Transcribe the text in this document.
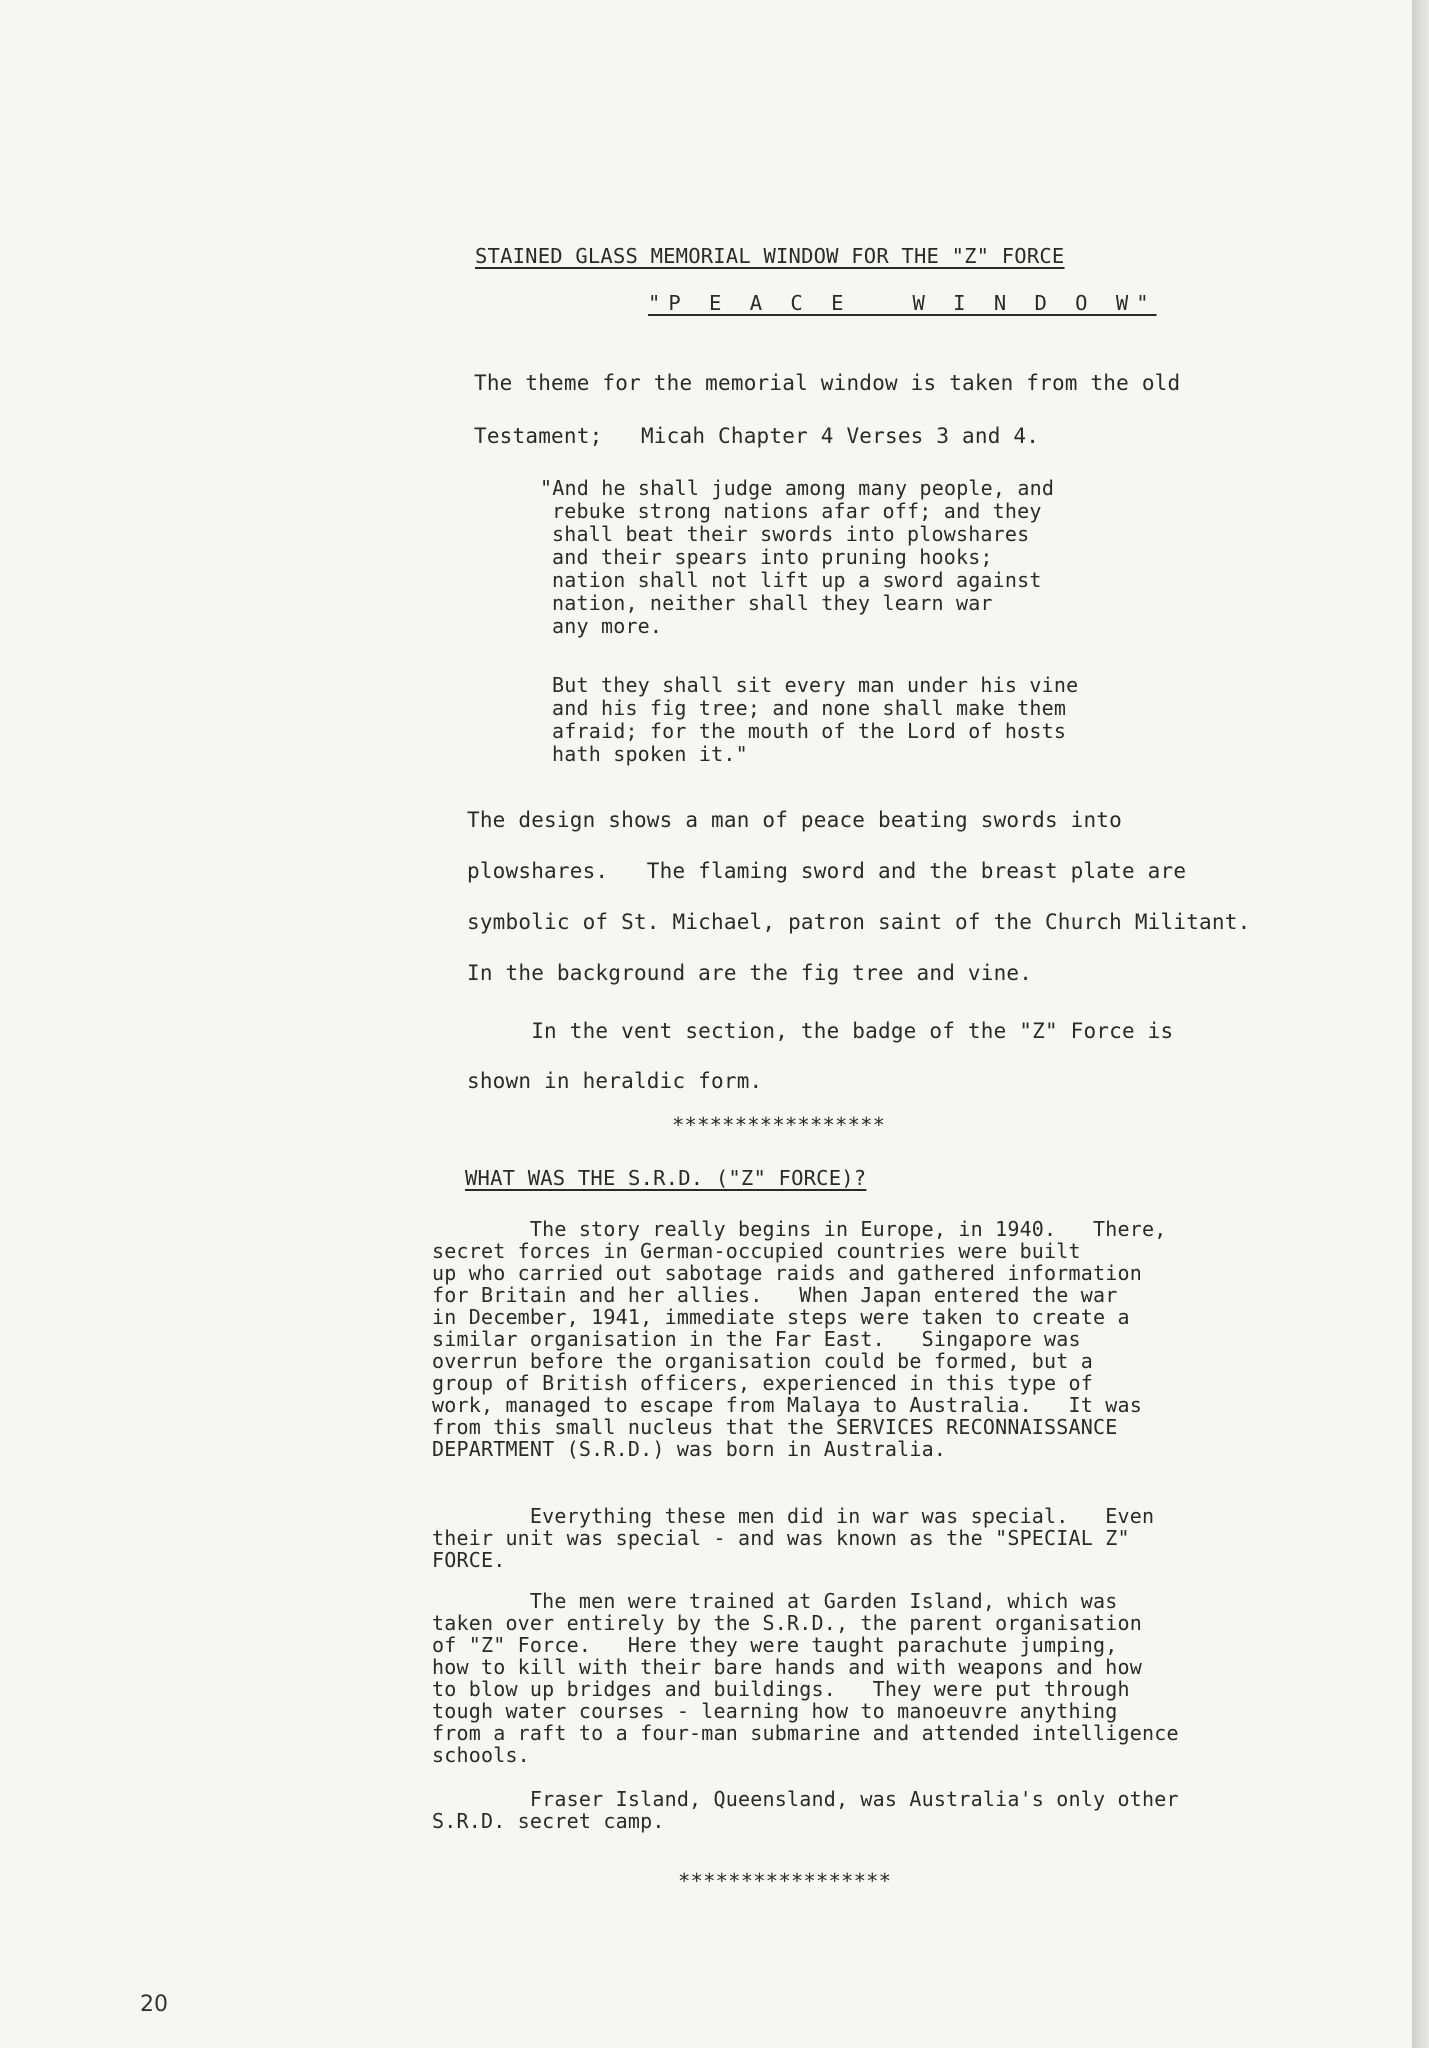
STAINED GLASS MEMORIAL WINDOW FOR THE "Z" FORCE
"P E A C E   W I N D O W"
The theme for the memorial window is taken from the old
Testament;   Micah Chapter 4 Verses 3 and 4.
"And he shall judge among many people, and
rebuke strong nations afar off; and they
shall beat their swords into plowshares
and their spears into pruning hooks;
nation shall not lift up a sword against
nation, neither shall they learn war
any more.
But they shall sit every man under his vine
and his fig tree; and none shall make them
afraid; for the mouth of the Lord of hosts
hath spoken it."
The design shows a man of peace beating swords into
plowshares.   The flaming sword and the breast plate are
symbolic of St. Michael, patron saint of the Church Militant.
In the background are the fig tree and vine.
In the vent section, the badge of the "Z" Force is
shown in heraldic form.
*****************
WHAT WAS THE S.R.D. ("Z" FORCE)?
The story really begins in Europe, in 1940.   There,
secret forces in German-occupied countries were built
up who carried out sabotage raids and gathered information
for Britain and her allies.   When Japan entered the war
in December, 1941, immediate steps were taken to create a
similar organisation in the Far East.   Singapore was
overrun before the organisation could be formed, but a
group of British officers, experienced in this type of
work, managed to escape from Malaya to Australia.   It was
from this small nucleus that the SERVICES RECONNAISSANCE
DEPARTMENT (S.R.D.) was born in Australia.
Everything these men did in war was special.   Even
their unit was special - and was known as the "SPECIAL Z"
FORCE.
The men were trained at Garden Island, which was
taken over entirely by the S.R.D., the parent organisation
of "Z" Force.   Here they were taught parachute jumping,
how to kill with their bare hands and with weapons and how
to blow up bridges and buildings.   They were put through
tough water courses - learning how to manoeuvre anything
from a raft to a four-man submarine and attended intelligence
schools.
Fraser Island, Queensland, was Australia's only other
S.R.D. secret camp.
*****************
20
